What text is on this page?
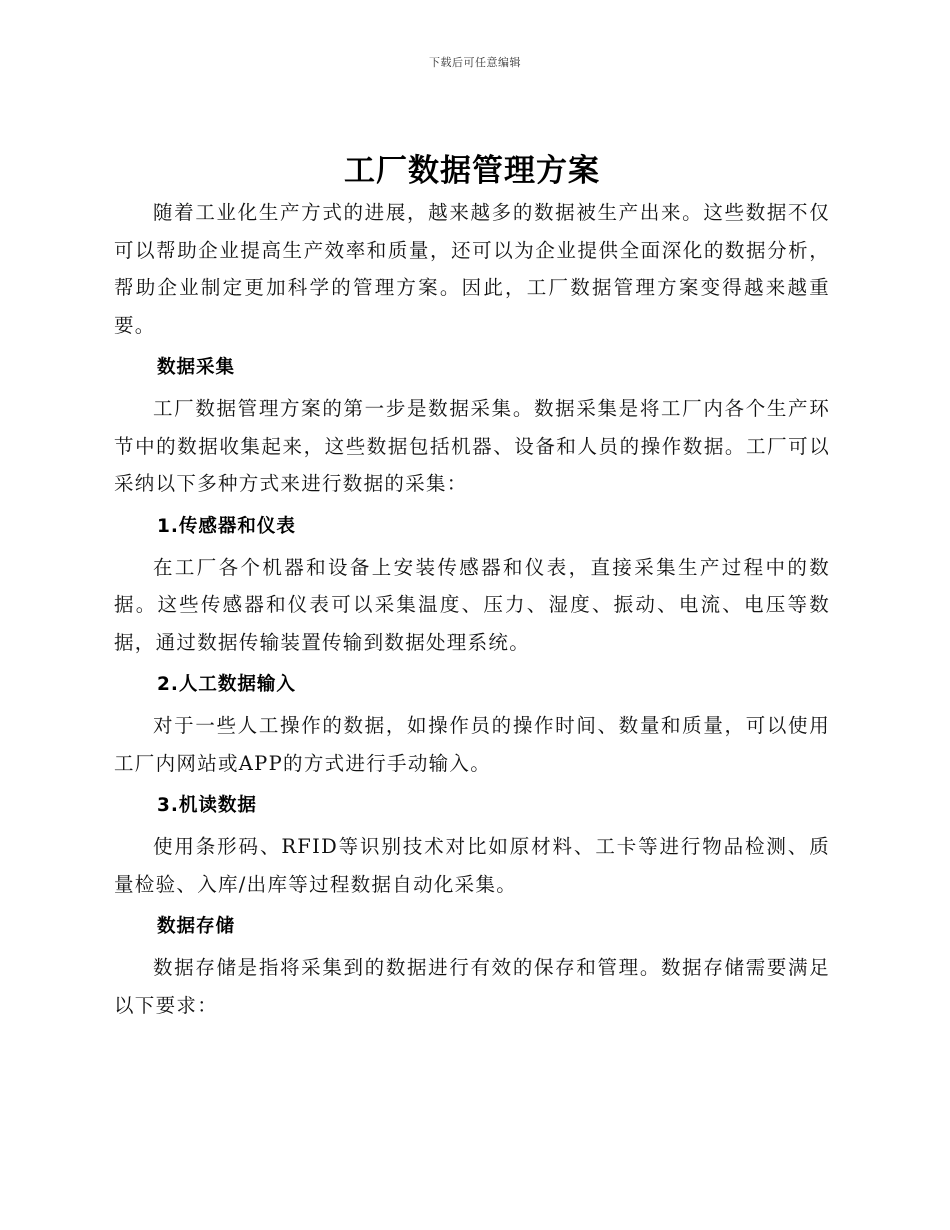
下载后可任意编辑
工厂数据管理方案

随着工业化生产方式的进展，越来越多的数据被生产出来。这些数据不仅可以帮助企业提高生产效率和质量，还可以为企业提供全面深化的数据分析，帮助企业制定更加科学的管理方案。因此，工厂数据管理方案变得越来越重要。

数据采集

工厂数据管理方案的第一步是数据采集。数据采集是将工厂内各个生产环节中的数据收集起来，这些数据包括机器、设备和人员的操作数据。工厂可以采纳以下多种方式来进行数据的采集：

1.传感器和仪表

在工厂各个机器和设备上安装传感器和仪表，直接采集生产过程中的数据。这些传感器和仪表可以采集温度、压力、湿度、振动、电流、电压等数据，通过数据传输装置传输到数据处理系统。

2.人工数据输入

对于一些人工操作的数据，如操作员的操作时间、数量和质量，可以使用工厂内网站或APP的方式进行手动输入。

3.机读数据

使用条形码、RFID等识别技术对比如原材料、工卡等进行物品检测、质量检验、入库/出库等过程数据自动化采集。

数据存储

数据存储是指将采集到的数据进行有效的保存和管理。数据存储需要满足以下要求：
